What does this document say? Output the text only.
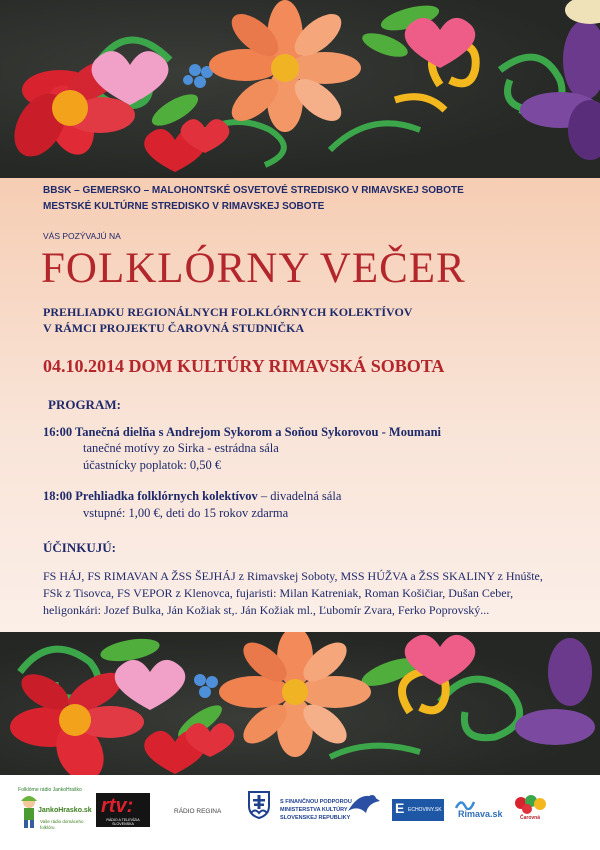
BBSK – GEMERSKO – MALOHONTSKÉ OSVETOVÉ STREDISKO V RIMAVSKEJ SOBOTE
MESTSKÉ KULTÚRNE STREDISKO V RIMAVSKEJ SOBOTE
VÁS POZÝVAJÚ NA
FOLKLÓRNY VEČER
PREHLIADKU REGIONÁLNYCH FOLKLÓRNYCH KOLEKTÍVOV
V RÁMCI PROJEKTU ČAROVNÁ STUDNIČKA
04.10.2014 DOM KULTÚRY RIMAVSKÁ SOBOTA
PROGRAM:
16:00 Tanečná dielňa s Andrejom Sykorom a Soňou Sykorovou - Moumani
tanečné motívy zo Sirka - estrádna sála
účastnícky poplatok: 0,50 €
18:00 Prehliadka folklórnych kolektívov – divadelná sála
vstupné: 1,00 €, deti do 15 rokov zdarma
ÚČINKUJÚ:
FS HÁJ, FS RIMAVAN A ŽSS ŠEJHÁJ z Rimavskej Soboty, MSS HÚŽVA a ŽSS SKALINY z Hnúšte,
FSk z Tisovca, FS VEPOR z Klenovca, fujaristi: Milan Katreniak, Roman Košičiar, Dušan Ceber,
heligonkári: Jozef Bulka, Ján Kožiak st,. Ján Kožiak ml., Ľubomír Zvara, Ferko Poprovský...
Folklórne rádio JankoHraško
JankoHrasko.sk
Vaše rádio domáceho folklóru
rtv:
RÁDIO A TELEVÍZIA SLOVENSKA
RÁDIO REGINA
S FINANČNOU PODPOROU
MINISTERSTVA KULTÚRY
SLOVENSKEJ REPUBLIKY
E ECHOVINY.SK Rimava.sk	Čarovná
